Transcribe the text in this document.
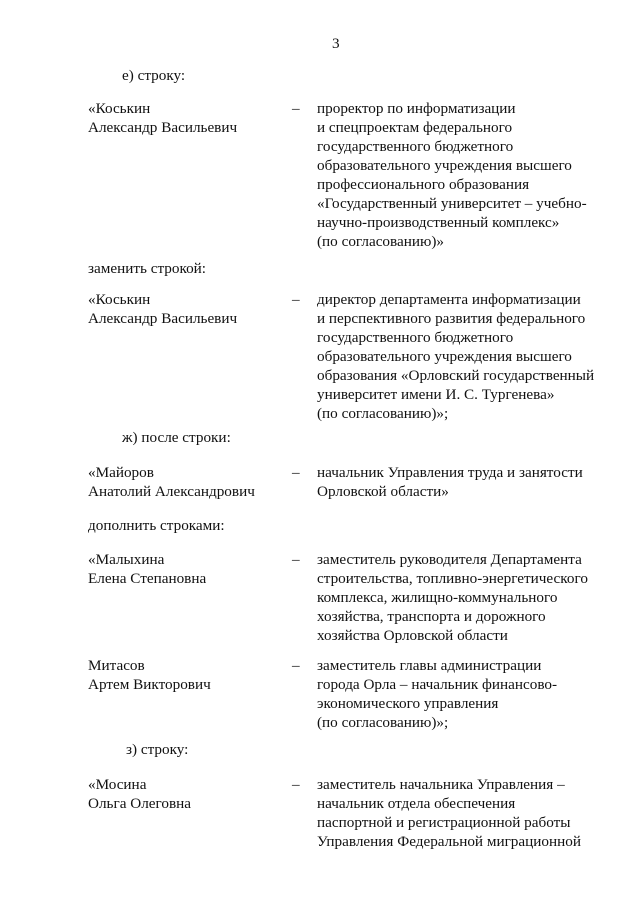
3
е) строку:
«Коськин
Александр Васильевич
– проректор по информатизации
и спецпроектам федерального
государственного бюджетного
образовательного учреждения высшего
профессионального образования
«Государственный университет – учебно-
научно-производственный комплекс»
(по согласованию)»
заменить строкой:
«Коськин
Александр Васильевич
– директор департамента информатизации
и перспективного развития федерального
государственного бюджетного
образовательного учреждения высшего
образования «Орловский государственный
университет имени И. С. Тургенева»
(по согласованию)»;
ж) после строки:
«Майоров
Анатолий Александрович
– начальник Управления труда и занятости
Орловской области»
дополнить строками:
«Малыхина
Елена Степановна
– заместитель руководителя Департамента
строительства, топливно-энергетического
комплекса, жилищно-коммунального
хозяйства, транспорта и дорожного
хозяйства Орловской области
Митасов
Артем Викторович
– заместитель главы администрации
города Орла – начальник финансово-
экономического управления
(по согласованию)»;
з) строку:
«Мосина
Ольга Олеговна
– заместитель начальника Управления –
начальник отдела обеспечения
паспортной и регистрационной работы
Управления Федеральной миграционной
